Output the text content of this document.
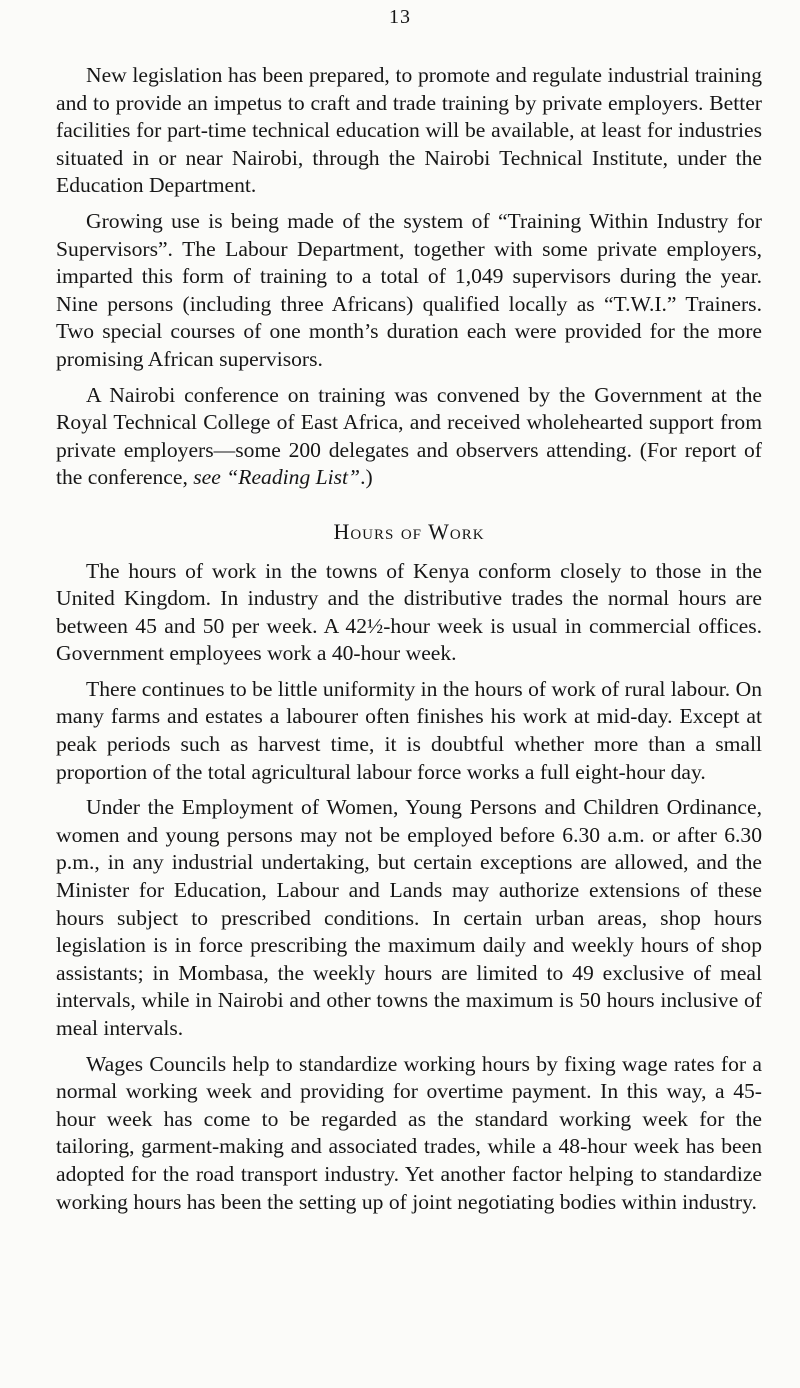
13

New legislation has been prepared, to promote and regulate industrial training and to provide an impetus to craft and trade training by private employers. Better facilities for part-time technical education will be available, at least for industries situated in or near Nairobi, through the Nairobi Technical Institute, under the Education Department.

Growing use is being made of the system of “Training Within Industry for Supervisors”. The Labour Department, together with some private employers, imparted this form of training to a total of 1,049 supervisors during the year. Nine persons (including three Africans) qualified locally as “T.W.I.” Trainers. Two special courses of one month’s duration each were provided for the more promising African supervisors.

A Nairobi conference on training was convened by the Government at the Royal Technical College of East Africa, and received wholehearted support from private employers—some 200 delegates and observers attending. (For report of the conference, see “Reading List”.)

Hours of Work

The hours of work in the towns of Kenya conform closely to those in the United Kingdom. In industry and the distributive trades the normal hours are between 45 and 50 per week. A 42½-hour week is usual in commercial offices. Government employees work a 40-hour week.

There continues to be little uniformity in the hours of work of rural labour. On many farms and estates a labourer often finishes his work at mid-day. Except at peak periods such as harvest time, it is doubtful whether more than a small proportion of the total agricultural labour force works a full eight-hour day.

Under the Employment of Women, Young Persons and Children Ordinance, women and young persons may not be employed before 6.30 a.m. or after 6.30 p.m., in any industrial undertaking, but certain exceptions are allowed, and the Minister for Education, Labour and Lands may authorize extensions of these hours subject to prescribed conditions. In certain urban areas, shop hours legislation is in force prescribing the maximum daily and weekly hours of shop assistants; in Mombasa, the weekly hours are limited to 49 exclusive of meal intervals, while in Nairobi and other towns the maximum is 50 hours inclusive of meal intervals.

Wages Councils help to standardize working hours by fixing wage rates for a normal working week and providing for overtime payment. In this way, a 45-hour week has come to be regarded as the standard working week for the tailoring, garment-making and associated trades, while a 48-hour week has been adopted for the road transport industry. Yet another factor helping to standardize working hours has been the setting up of joint negotiating bodies within industry.
